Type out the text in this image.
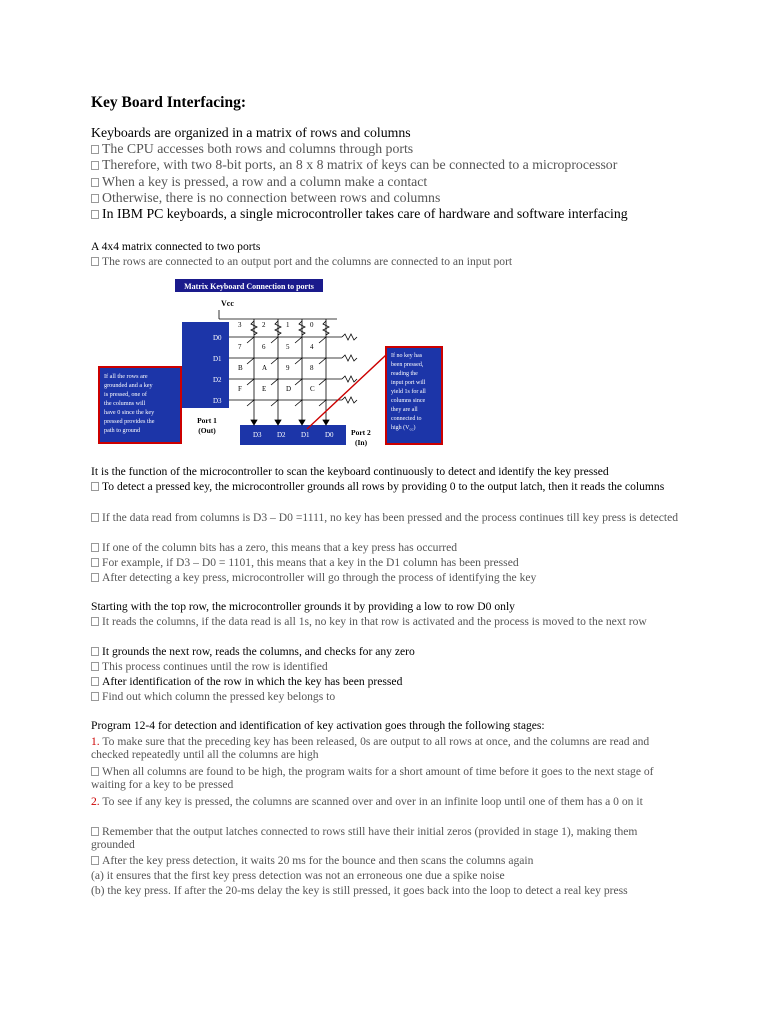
Key Board Interfacing:
Keyboards are organized in a matrix of rows and columns
The CPU accesses both rows and columns through ports
Therefore, with two 8-bit ports, an 8 x 8 matrix of keys can be connected to a microprocessor
When a key is pressed, a row and a column make a contact
Otherwise, there is no connection between rows and columns
In IBM PC keyboards, a single microcontroller takes care of hardware and software interfacing
A 4x4 matrix connected to two ports
The rows are connected to an output port and the columns are connected to an input port
Matrix Keyboard Connection to ports
Vcc
D0
D1
D2
D3
Port 1
(Out)
3	2	1	0
7	6	5	4
B	A	9	8
F	E	D	C
D3 D2 D1 D0 Port 2
(In)
If all the rows are
grounded and a key
is pressed, one of
the columns will
have 0 since the key
pressed provides the
path to ground
If no key has
been pressed,
reading the
input port will
yield 1s for all
columns since
they are all
connected to
high $(V_{cc})$
It is the function of the microcontroller to scan the keyboard continuously to detect and identify the key pressed
To detect a pressed key, the microcontroller grounds all rows by providing 0 to the output latch, then it reads the columns
If the data read from columns is D3 – D0 =1111, no key has been pressed and the process continues till key press is detected
If one of the column bits has a zero, this means that a key press has occurred
For example, if D3 – D0 = 1101, this means that a key in the D1 column has been pressed
After detecting a key press, microcontroller will go through the process of identifying the key
Starting with the top row, the microcontroller grounds it by providing a low to row D0 only
It reads the columns, if the data read is all 1s, no key in that row is activated and the process is moved to the next row
It grounds the next row, reads the columns, and checks for any zero
This process continues until the row is identified
After identification of the row in which the key has been pressed
Find out which column the pressed key belongs to
Program 12-4 for detection and identification of key activation goes through the following stages:
1. To make sure that the preceding key has been released, 0s are output to all rows at once, and the columns are read and checked repeatedly until all the columns are high
When all columns are found to be high, the program waits for a short amount of time before it goes to the next stage of waiting for a key to be pressed
2. To see if any key is pressed, the columns are scanned over and over in an infinite loop until one of them has a 0 on it
Remember that the output latches connected to rows still have their initial zeros (provided in stage 1), making them grounded
After the key press detection, it waits 20 ms for the bounce and then scans the columns again
(a) it ensures that the first key press detection was not an erroneous one due a spike noise
(b) the key press. If after the 20-ms delay the key is still pressed, it goes back into the loop to detect a real key press
